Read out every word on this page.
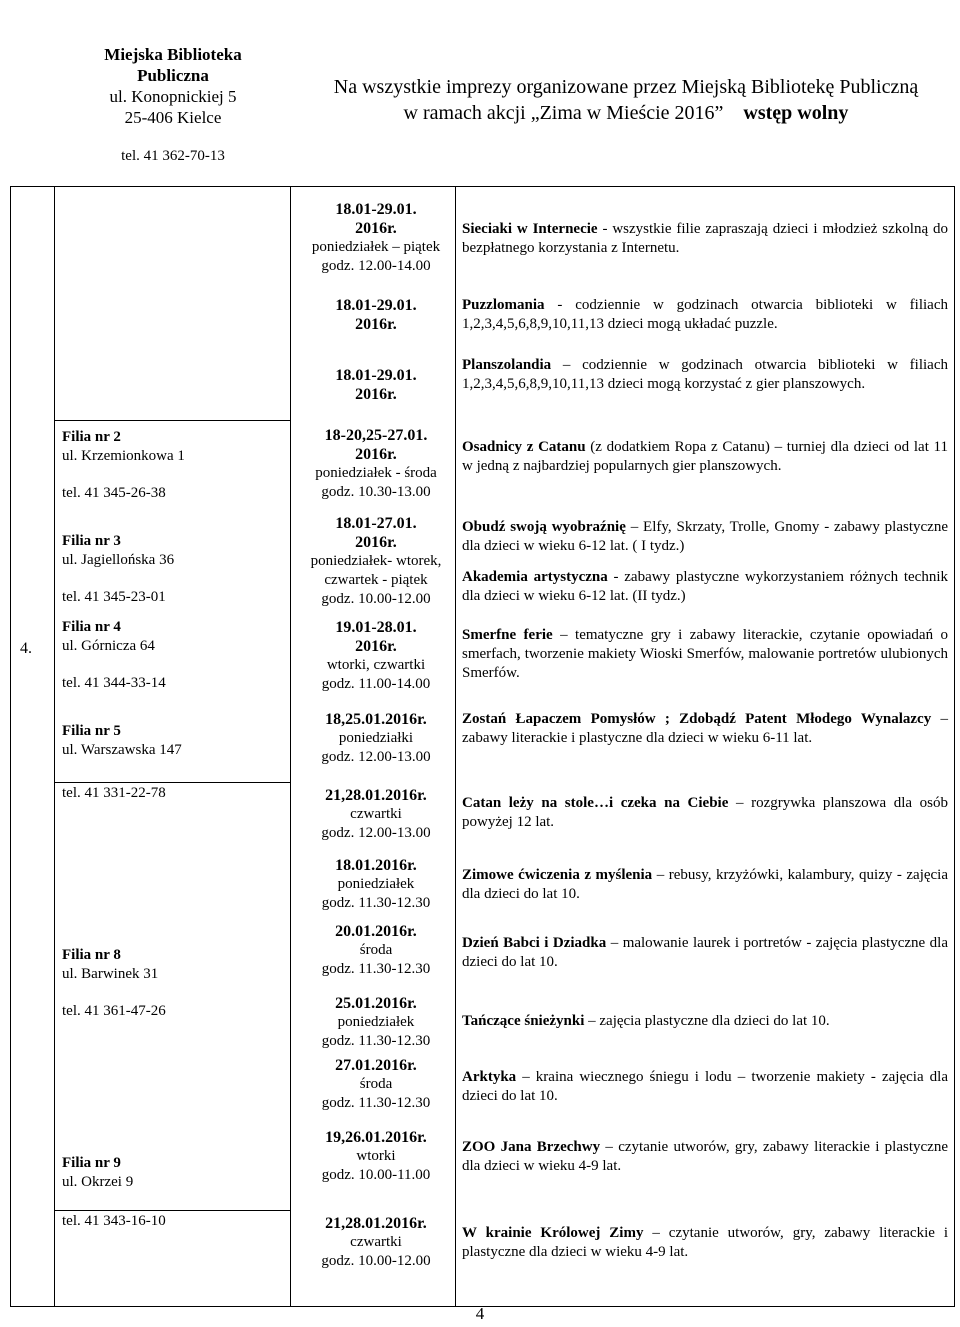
Miejska Biblioteka
Publiczna
ul. Konopnickiej 5
25-406 Kielce
tel. 41 362-70-13
Na wszystkie imprezy organizowane przez Miejską Bibliotekę Publiczną
w ramach akcji „Zima w Mieście 2016” wstęp wolny
4.
Filia nr 2
ul. Krzemionkowa 1
tel. 41 345-26-38
Filia nr 3
ul. Jagiellońska 36
tel. 41 345-23-01
Filia nr 4
ul. Górnicza 64
tel. 41 344-33-14
Filia nr 5
ul. Warszawska 147
tel. 41 331-22-78
Filia nr 8
ul. Barwinek 31
tel. 41 361-47-26
Filia nr 9
ul. Okrzei 9
tel. 41 343-16-10
18.01-29.01.
2016r.
poniedziałek – piątek
godz. 12.00-14.00
18.01-29.01.
2016r.
18.01-29.01.
2016r.
18-20,25-27.01.
2016r.
poniedziałek - środa
godz. 10.30-13.00
18.01-27.01.
2016r.
poniedziałek- wtorek,
czwartek - piątek
godz. 10.00-12.00
19.01-28.01.
2016r.
wtorki, czwartki
godz. 11.00-14.00
18,25.01.2016r.
poniedziałki
godz. 12.00-13.00
21,28.01.2016r.
czwartki
godz. 12.00-13.00
18.01.2016r.
poniedziałek
godz. 11.30-12.30
20.01.2016r.
środa
godz. 11.30-12.30
25.01.2016r.
poniedziałek
godz. 11.30-12.30
27.01.2016r.
środa
godz. 11.30-12.30
19,26.01.2016r.
wtorki
godz. 10.00-11.00
21,28.01.2016r.
czwartki
godz. 10.00-12.00
Sieciaki w Internecie - wszystkie filie zapraszają dzieci i młodzież szkolną do bezpłatnego korzystania z Internetu.
Puzzlomania - codziennie w godzinach otwarcia biblioteki w filiach 1,2,3,4,5,6,8,9,10,11,13 dzieci mogą układać puzzle.
Planszolandia – codziennie w godzinach otwarcia biblioteki w filiach 1,2,3,4,5,6,8,9,10,11,13 dzieci mogą korzystać z gier planszowych.
Osadnicy z Catanu (z dodatkiem Ropa z Catanu) – turniej dla dzieci od lat 11 w jedną z najbardziej popularnych gier planszowych.
Obudź swoją wyobraźnię – Elfy, Skrzaty, Trolle, Gnomy - zabawy plastyczne dla dzieci w wieku 6-12 lat. ( I tydz.)
Akademia artystyczna - zabawy plastyczne wykorzystaniem różnych technik dla dzieci w wieku 6-12 lat. (II tydz.)
Smerfne ferie – tematyczne gry i zabawy literackie, czytanie opowiadań o smerfach, tworzenie makiety Wioski Smerfów, malowanie portretów ulubionych Smerfów.
Zostań Łapaczem Pomysłów ; Zdobądź Patent Młodego Wynalazcy – zabawy literackie i plastyczne dla dzieci w wieku 6-11 lat.
Catan leży na stole…i czeka na Ciebie – rozgrywka planszowa dla osób powyżej 12 lat.
Zimowe ćwiczenia z myślenia – rebusy, krzyżówki, kalambury, quizy - zajęcia dla dzieci do lat 10.
Dzień Babci i Dziadka – malowanie laurek i portretów - zajęcia plastyczne dla dzieci do lat 10.
Tańczące śnieżynki – zajęcia plastyczne dla dzieci do lat 10.
Arktyka – kraina wiecznego śniegu i lodu – tworzenie makiety - zajęcia dla dzieci do lat 10.
ZOO Jana Brzechwy – czytanie utworów, gry, zabawy literackie i plastyczne dla dzieci w wieku 4-9 lat.
W krainie Królowej Zimy – czytanie utworów, gry, zabawy literackie i plastyczne dla dzieci w wieku 4-9 lat.
4
